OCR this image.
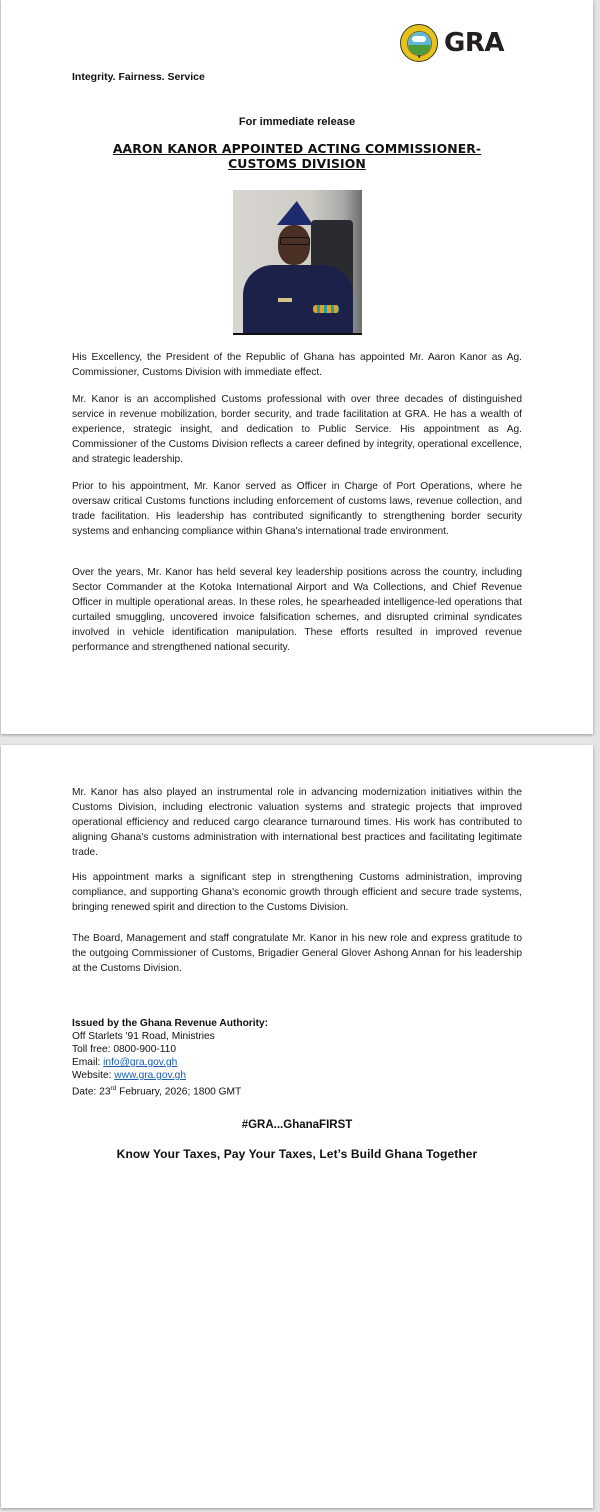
★ GRA
Integrity. Fairness. Service
For immediate release
AARON KANOR APPOINTED ACTING COMMISSIONER-
CUSTOMS DIVISION

His Excellency, the President of the Republic of Ghana has appointed Mr. Aaron Kanor as Ag. Commissioner, Customs Division with immediate effect.

Mr. Kanor is an accomplished Customs professional with over three decades of distinguished service in revenue mobilization, border security, and trade facilitation at GRA. He has a wealth of experience, strategic insight, and dedication to Public Service. His appointment as Ag. Commissioner of the Customs Division reflects a career defined by integrity, operational excellence, and strategic leadership.

Prior to his appointment, Mr. Kanor served as Officer in Charge of Port Operations, where he oversaw critical Customs functions including enforcement of customs laws, revenue collection, and trade facilitation. His leadership has contributed significantly to strengthening border security systems and enhancing compliance within Ghana's international trade environment.

Over the years, Mr. Kanor has held several key leadership positions across the country, including Sector Commander at the Kotoka International Airport and Wa Collections, and Chief Revenue Officer in multiple operational areas. In these roles, he spearheaded intelligence-led operations that curtailed smuggling, uncovered invoice falsification schemes, and disrupted criminal syndicates involved in vehicle identification manipulation. These efforts resulted in improved revenue performance and strengthened national security.

Mr. Kanor has also played an instrumental role in advancing modernization initiatives within the Customs Division, including electronic valuation systems and strategic projects that improved operational efficiency and reduced cargo clearance turnaround times. His work has contributed to aligning Ghana's customs administration with international best practices and facilitating legitimate trade.

His appointment marks a significant step in strengthening Customs administration, improving compliance, and supporting Ghana's economic growth through efficient and secure trade systems, bringing renewed spirit and direction to the Customs Division.

The Board, Management and staff congratulate Mr. Kanor in his new role and express gratitude to the outgoing Commissioner of Customs, Brigadier General Glover Ashong Annan for his leadership at the Customs Division.

Issued by the Ghana Revenue Authority:
Off Starlets '91 Road, Ministries
Toll free: 0800-900-110
Email: info@gra.gov.gh
Website: www.gra.gov.gh
Date: 23rd February, 2026; 1800 GMT
#GRA...GhanaFIRST
Know Your Taxes, Pay Your Taxes, Let’s Build Ghana Together
